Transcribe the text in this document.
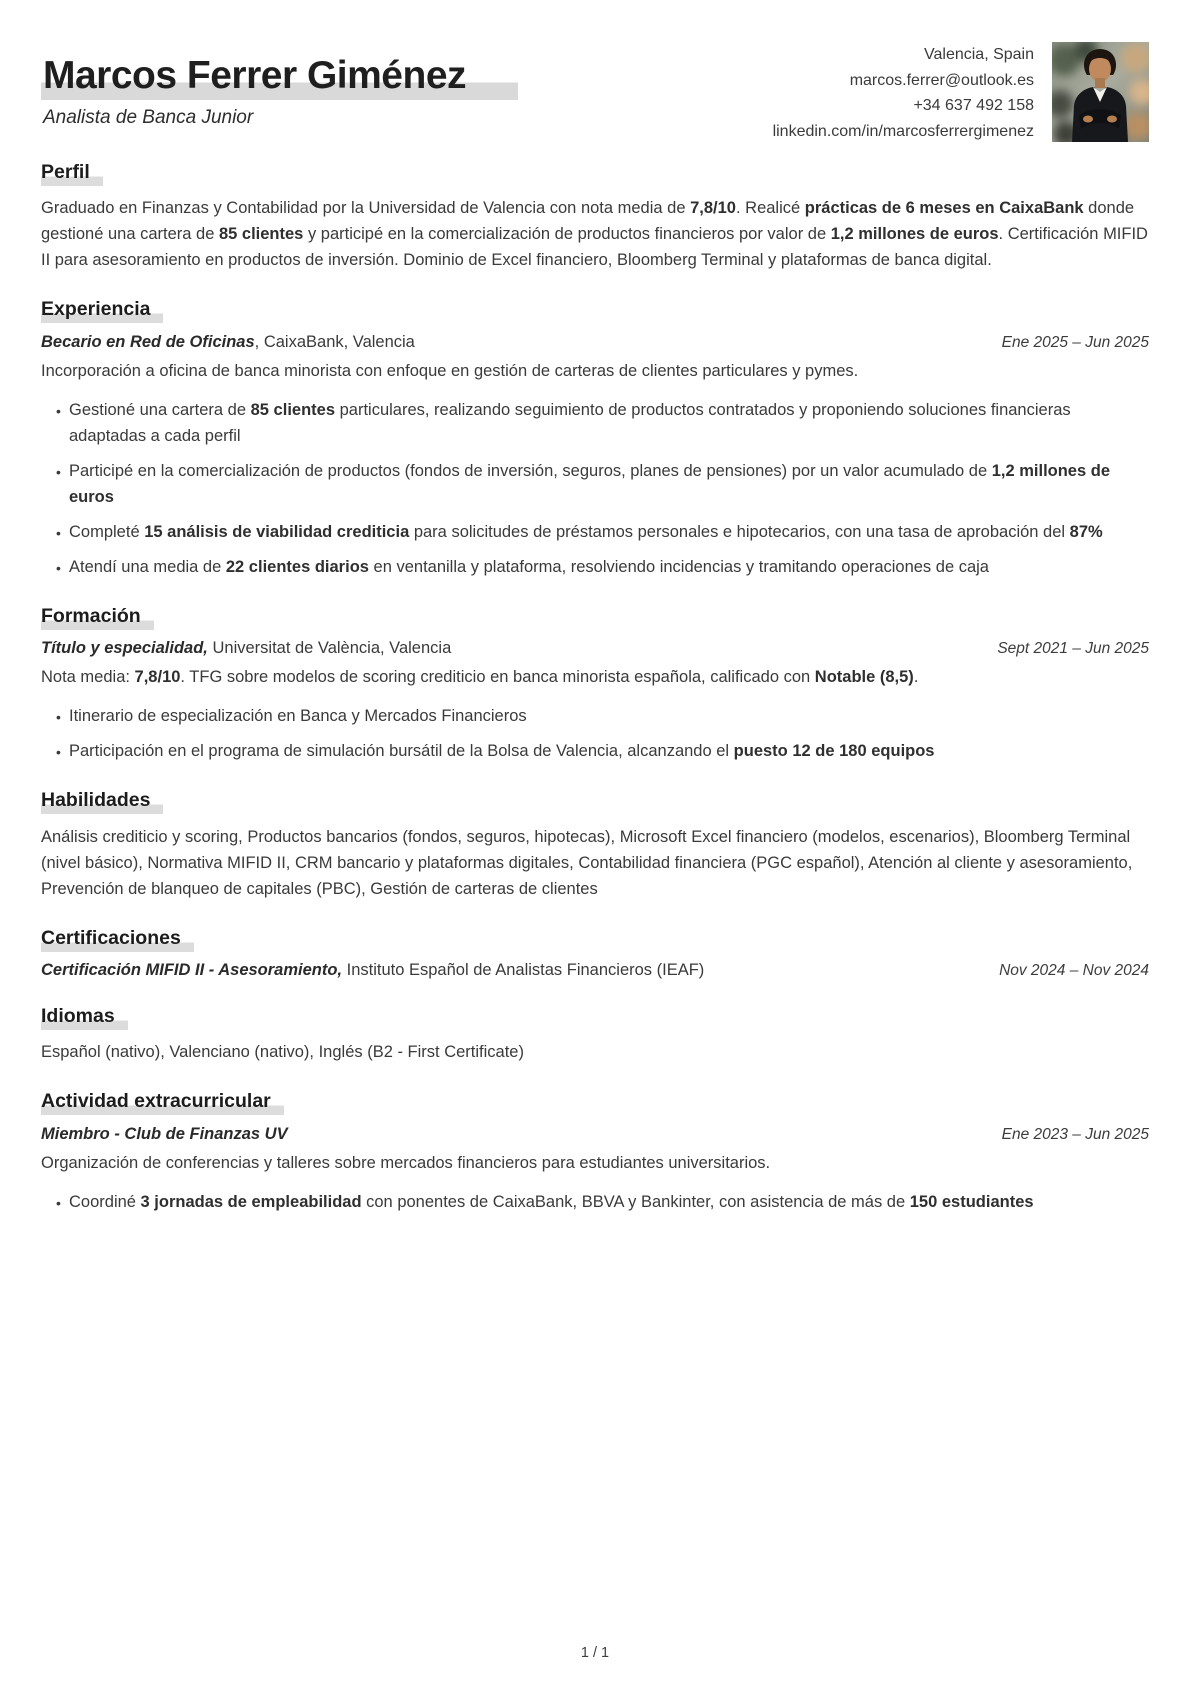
Marcos Ferrer Giménez
Analista de Banca Junior
Valencia, Spain
marcos.ferrer@outlook.es
+34 637 492 158
linkedin.com/in/marcosferrergimenez
Perfil

Graduado en Finanzas y Contabilidad por la Universidad de Valencia con nota media de 7,8/10. Realicé prácticas de 6 meses en CaixaBank donde gestioné una cartera de 85 clientes y participé en la comercialización de productos financieros por valor de 1,2 millones de euros. Certificación MIFID II para asesoramiento en productos de inversión. Dominio de Excel financiero, Bloomberg Terminal y plataformas de banca digital.

Experiencia
Becario en Red de Oficinas, CaixaBank, Valencia	Ene 2025 – Jun 2025

Incorporación a oficina de banca minorista con enfoque en gestión de carteras de clientes particulares y pymes.

• Gestioné una cartera de 85 clientes particulares, realizando seguimiento de productos contratados y proponiendo soluciones financieras adaptadas a cada perfil
• Participé en la comercialización de productos (fondos de inversión, seguros, planes de pensiones) por un valor acumulado de 1,2 millones de euros
• Completé 15 análisis de viabilidad crediticia para solicitudes de préstamos personales e hipotecarios, con una tasa de aprobación del 87%
• Atendí una media de 22 clientes diarios en ventanilla y plataforma, resolviendo incidencias y tramitando operaciones de caja
Formación
Título y especialidad, Universitat de València, Valencia	Sept 2021 – Jun 2025

Nota media: 7,8/10. TFG sobre modelos de scoring crediticio en banca minorista española, calificado con Notable (8,5).

• Itinerario de especialización en Banca y Mercados Financieros
• Participación en el programa de simulación bursátil de la Bolsa de Valencia, alcanzando el puesto 12 de 180 equipos
Habilidades

Análisis crediticio y scoring, Productos bancarios (fondos, seguros, hipotecas), Microsoft Excel financiero (modelos, escenarios), Bloomberg Terminal (nivel básico), Normativa MIFID II, CRM bancario y plataformas digitales, Contabilidad financiera (PGC español), Atención al cliente y asesoramiento, Prevención de blanqueo de capitales (PBC), Gestión de carteras de clientes

Certificaciones
Certificación MIFID II - Asesoramiento, Instituto Español de Analistas Financieros (IEAF)	Nov 2024 – Nov 2024
Idiomas

Español (nativo), Valenciano (nativo), Inglés (B2 - First Certificate)

Actividad extracurricular
Miembro - Club de Finanzas UV	Ene 2023 – Jun 2025

Organización de conferencias y talleres sobre mercados financieros para estudiantes universitarios.

• Coordiné 3 jornadas de empleabilidad con ponentes de CaixaBank, BBVA y Bankinter, con asistencia de más de 150 estudiantes
1 / 1
